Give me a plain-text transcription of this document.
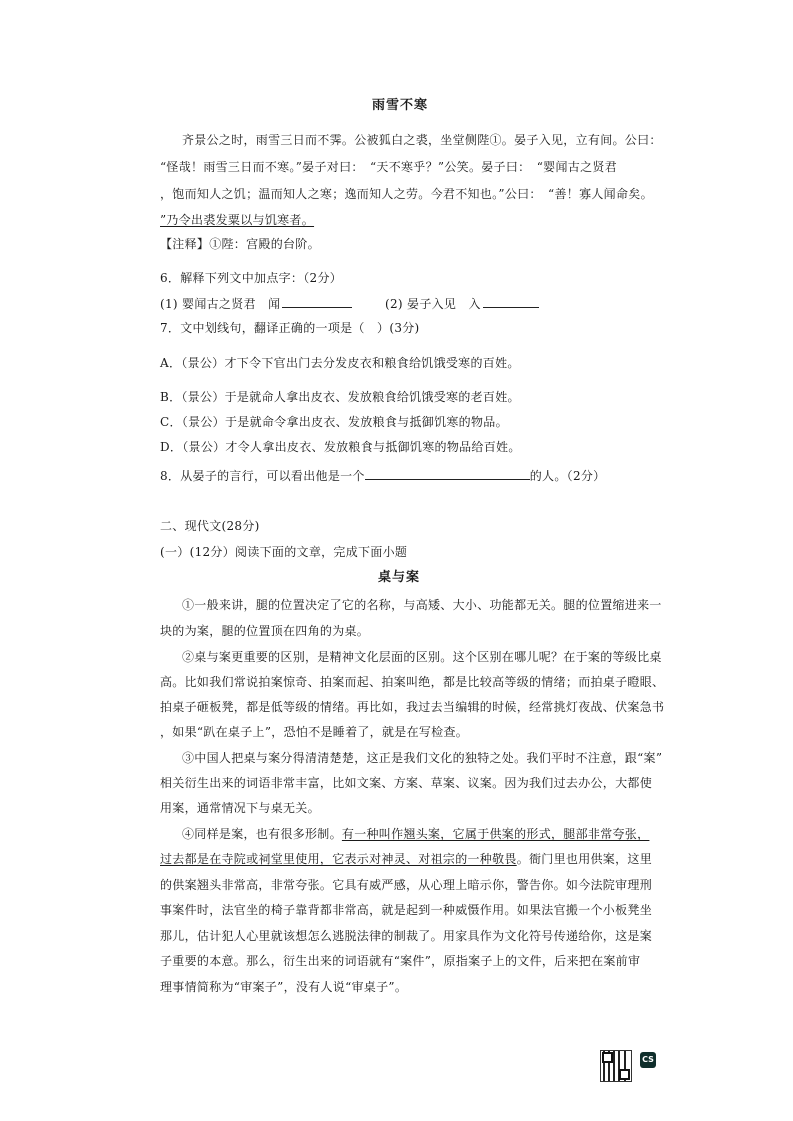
雨雪不寒
齐景公之时，雨雪三日而不霁。公被狐白之裘，坐堂侧陛①。晏子入见，立有间。公曰：
“怪哉！雨雪三日而不寒。”晏子对曰：　“天不寒乎？”公笑。晏子曰：　“婴闻古之贤君
，饱而知人之饥；温而知人之寒；逸而知人之劳。今君不知也。”公曰：　“善！寡人闻命矣。
”乃令出裘发粟以与饥寒者。
【注释】①陛：宫殿的台阶。
6．解释下列文中加点字：（2分）
(1) 婴闻古之贤君　闻	(2) 晏子入见　入
7．文中划线句，翻译正确的一项是（　）(3分)
A．（景公）才下令下官出门去分发皮衣和粮食给饥饿受寒的百姓。
B．（景公）于是就命人拿出皮衣、发放粮食给饥饿受寒的老百姓。
C．（景公）于是就命令拿出皮衣、发放粮食与抵御饥寒的物品。
D．（景公）才令人拿出皮衣、发放粮食与抵御饥寒的物品给百姓。
8．从晏子的言行，可以看出他是一个	的人。（2分）
二、现代文(28分)
(一）(12分）阅读下面的文章，完成下面小题
桌与案
①一般来讲，腿的位置决定了它的名称，与高矮、大小、功能都无关。腿的位置缩进来一
块的为案，腿的位置顶在四角的为桌。
②桌与案更重要的区别，是精神文化层面的区别。这个区别在哪儿呢？在于案的等级比桌
高。比如我们常说拍案惊奇、拍案而起、拍案叫绝，都是比较高等级的情绪；而拍桌子瞪眼、
拍桌子砸板凳，都是低等级的情绪。再比如，我过去当编辑的时候，经常挑灯夜战、伏案急书
，如果“趴在桌子上”，恐怕不是睡着了，就是在写检查。
③中国人把桌与案分得清清楚楚，这正是我们文化的独特之处。我们平时不注意，跟“案”
相关衍生出来的词语非常丰富，比如文案、方案、草案、议案。因为我们过去办公，大都使
用案，通常情况下与桌无关。
④同样是案，也有很多形制。有一种叫作翘头案，它属于供案的形式，腿部非常夸张，
过去都是在寺院或祠堂里使用，它表示对神灵、对祖宗的一种敬畏。衙门里也用供案，这里
的供案翘头非常高，非常夸张。它具有威严感，从心理上暗示你，警告你。如今法院审理刑
事案件时，法官坐的椅子靠背都非常高，就是起到一种威慑作用。如果法官搬一个小板凳坐
那儿，估计犯人心里就该想怎么逃脱法律的制裁了。用家具作为文化符号传递给你，这是案
子重要的本意。那么，衍生出来的词语就有“案件”，原指案子上的文件，后来把在案前审
理事情简称为“审案子”，没有人说“审桌子”。
CS
